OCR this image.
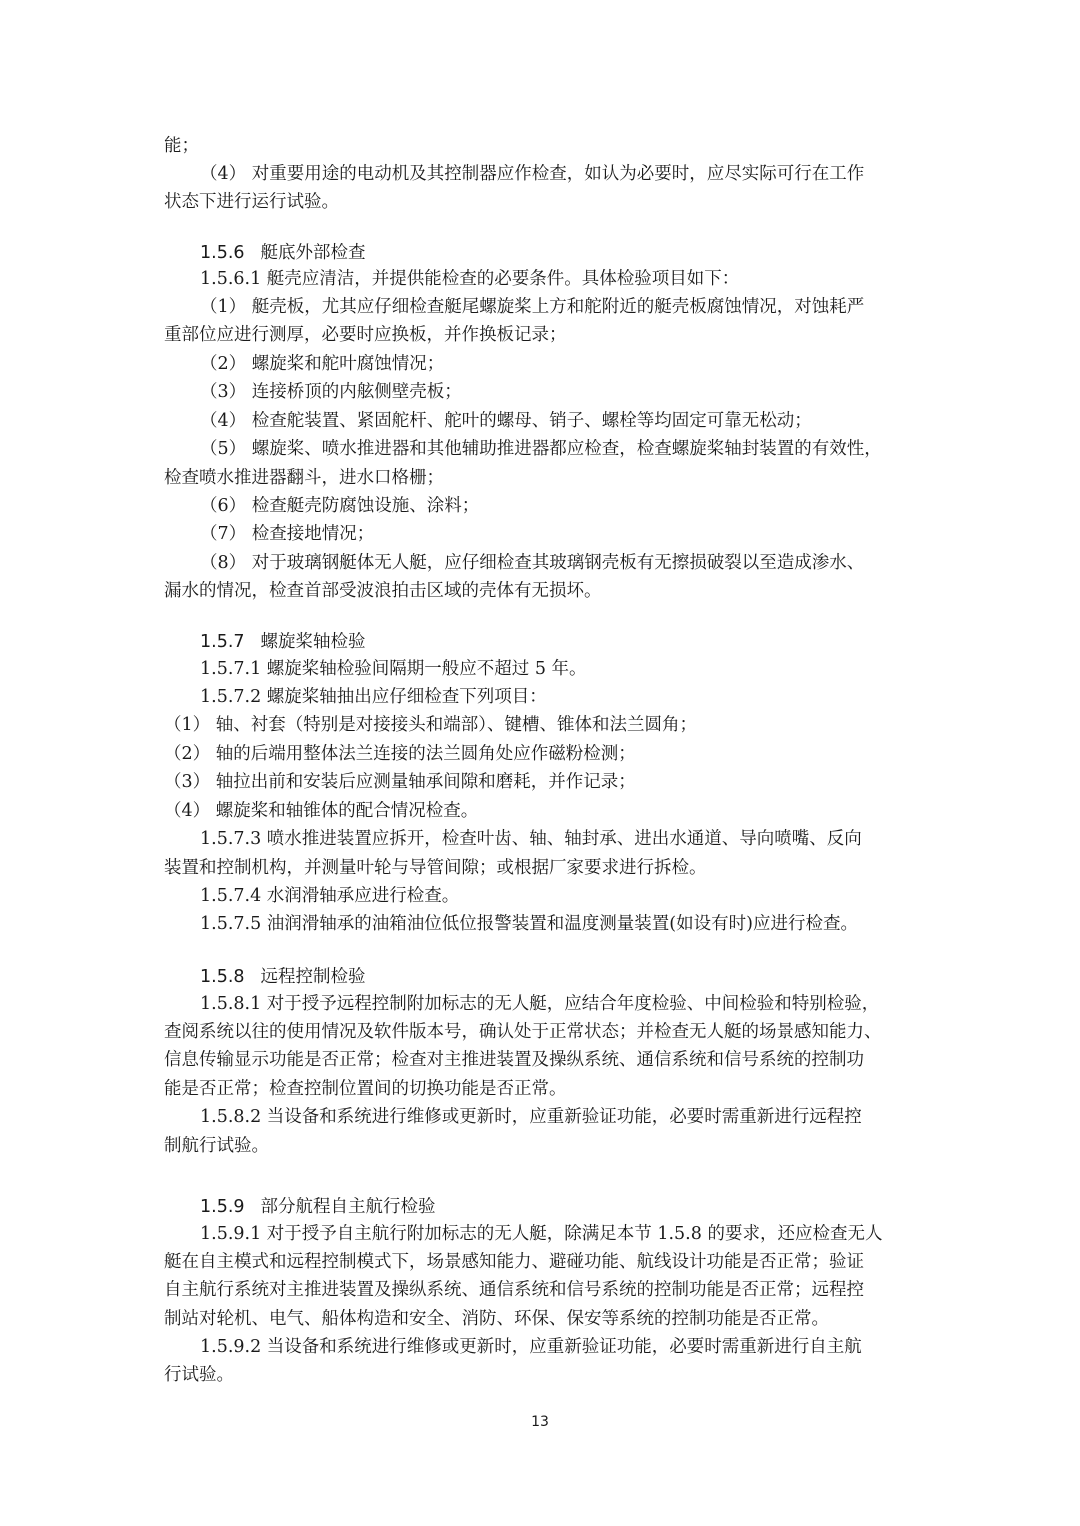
能；
（4） 对重要用途的电动机及其控制器应作检查，如认为必要时，应尽实际可行在工作
状态下进行运行试验。
1.5.6 艇底外部检查
1.5.6.1 艇壳应清洁，并提供能检查的必要条件。具体检验项目如下：
（1） 艇壳板，尤其应仔细检查艇尾螺旋桨上方和舵附近的艇壳板腐蚀情况，对蚀耗严
重部位应进行测厚，必要时应换板，并作换板记录；
（2） 螺旋桨和舵叶腐蚀情况；
（3） 连接桥顶的内舷侧壁壳板；
（4） 检查舵装置、紧固舵杆、舵叶的螺母、销子、螺栓等均固定可靠无松动；
（5） 螺旋桨、喷水推进器和其他辅助推进器都应检查，检查螺旋桨轴封装置的有效性，
检查喷水推进器翻斗，进水口格栅；
（6） 检查艇壳防腐蚀设施、涂料；
（7） 检查接地情况；
（8） 对于玻璃钢艇体无人艇，应仔细检查其玻璃钢壳板有无擦损破裂以至造成渗水、
漏水的情况，检查首部受波浪拍击区域的壳体有无损坏。
1.5.7 螺旋桨轴检验
1.5.7.1 螺旋桨轴检验间隔期一般应不超过 5 年。
1.5.7.2 螺旋桨轴抽出应仔细检查下列项目：
（1） 轴、衬套（特别是对接接头和端部）、键槽、锥体和法兰圆角；
（2） 轴的后端用整体法兰连接的法兰圆角处应作磁粉检测；
（3） 轴拉出前和安装后应测量轴承间隙和磨耗，并作记录；
（4） 螺旋桨和轴锥体的配合情况检查。
1.5.7.3 喷水推进装置应拆开，检查叶齿、轴、轴封承、进出水通道、导向喷嘴、反向
装置和控制机构，并测量叶轮与导管间隙；或根据厂家要求进行拆检。
1.5.7.4 水润滑轴承应进行检查。
1.5.7.5 油润滑轴承的油箱油位低位报警装置和温度测量装置(如设有时)应进行检查。
1.5.8 远程控制检验
1.5.8.1 对于授予远程控制附加标志的无人艇，应结合年度检验、中间检验和特别检验，
查阅系统以往的使用情况及软件版本号，确认处于正常状态；并检查无人艇的场景感知能力、
信息传输显示功能是否正常；检查对主推进装置及操纵系统、通信系统和信号系统的控制功
能是否正常；检查控制位置间的切换功能是否正常。
1.5.8.2 当设备和系统进行维修或更新时，应重新验证功能，必要时需重新进行远程控
制航行试验。
1.5.9 部分航程自主航行检验
1.5.9.1 对于授予自主航行附加标志的无人艇，除满足本节 1.5.8 的要求，还应检查无人
艇在自主模式和远程控制模式下，场景感知能力、避碰功能、航线设计功能是否正常；验证
自主航行系统对主推进装置及操纵系统、通信系统和信号系统的控制功能是否正常；远程控
制站对轮机、电气、船体构造和安全、消防、环保、保安等系统的控制功能是否正常。
1.5.9.2 当设备和系统进行维修或更新时，应重新验证功能，必要时需重新进行自主航
行试验。
13
